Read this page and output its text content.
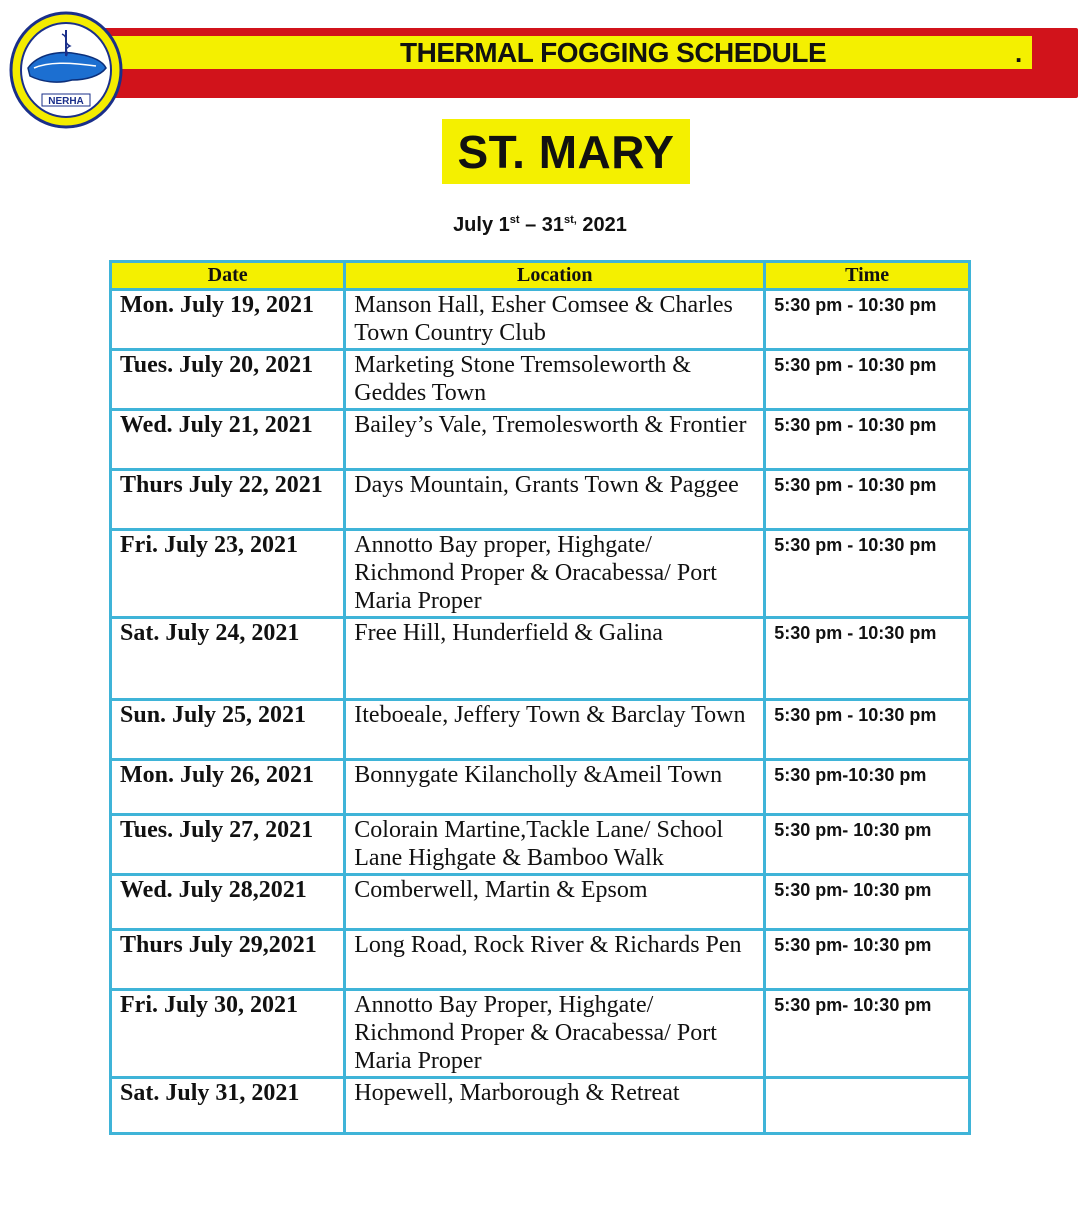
THERMAL FOGGING SCHEDULE	.
NERHA
ST. MARY
July $1st - 31^{st,}$ 2021
Date	Location	Time
Mon. July 19, 2021	Manson Hall, Esher Comsee & Charles Town Country Club	5:30 pm - 10:30 pm
Tues. July 20, 2021	Marketing Stone Tremsoleworth & Geddes Town	5:30 pm - 10:30 pm
Wed. July 21, 2021	Bailey’s Vale, Tremolesworth & Frontier	5:30 pm - 10:30 pm
Thurs July 22, 2021	Days Mountain, Grants Town & Paggee	5:30 pm - 10:30 pm
Fri. July 23, 2021	Annotto Bay proper, Highgate/ Richmond Proper & Oracabessa/ Port Maria Proper	5:30 pm - 10:30 pm
Sat. July 24, 2021	Free Hill, Hunderfield & Galina	5:30 pm - 10:30 pm
Sun. July 25, 2021	Iteboeale, Jeffery Town & Barclay Town	5:30 pm - 10:30 pm
Mon. July 26, 2021	Bonnygate Kilancholly &Ameil Town	5:30 pm-10:30 pm
Tues. July 27, 2021	Colorain Martine,Tackle Lane/ School Lane Highgate & Bamboo Walk	5:30 pm- 10:30 pm
Wed. July 28,2021	Comberwell, Martin & Epsom	5:30 pm- 10:30 pm
Thurs July 29,2021	Long Road, Rock River & Richards Pen	5:30 pm- 10:30 pm
Fri. July 30, 2021	Annotto Bay Proper, Highgate/ Richmond Proper & Oracabessa/ Port Maria Proper	5:30 pm- 10:30 pm
Sat. July 31, 2021	Hopewell, Marborough & Retreat	
